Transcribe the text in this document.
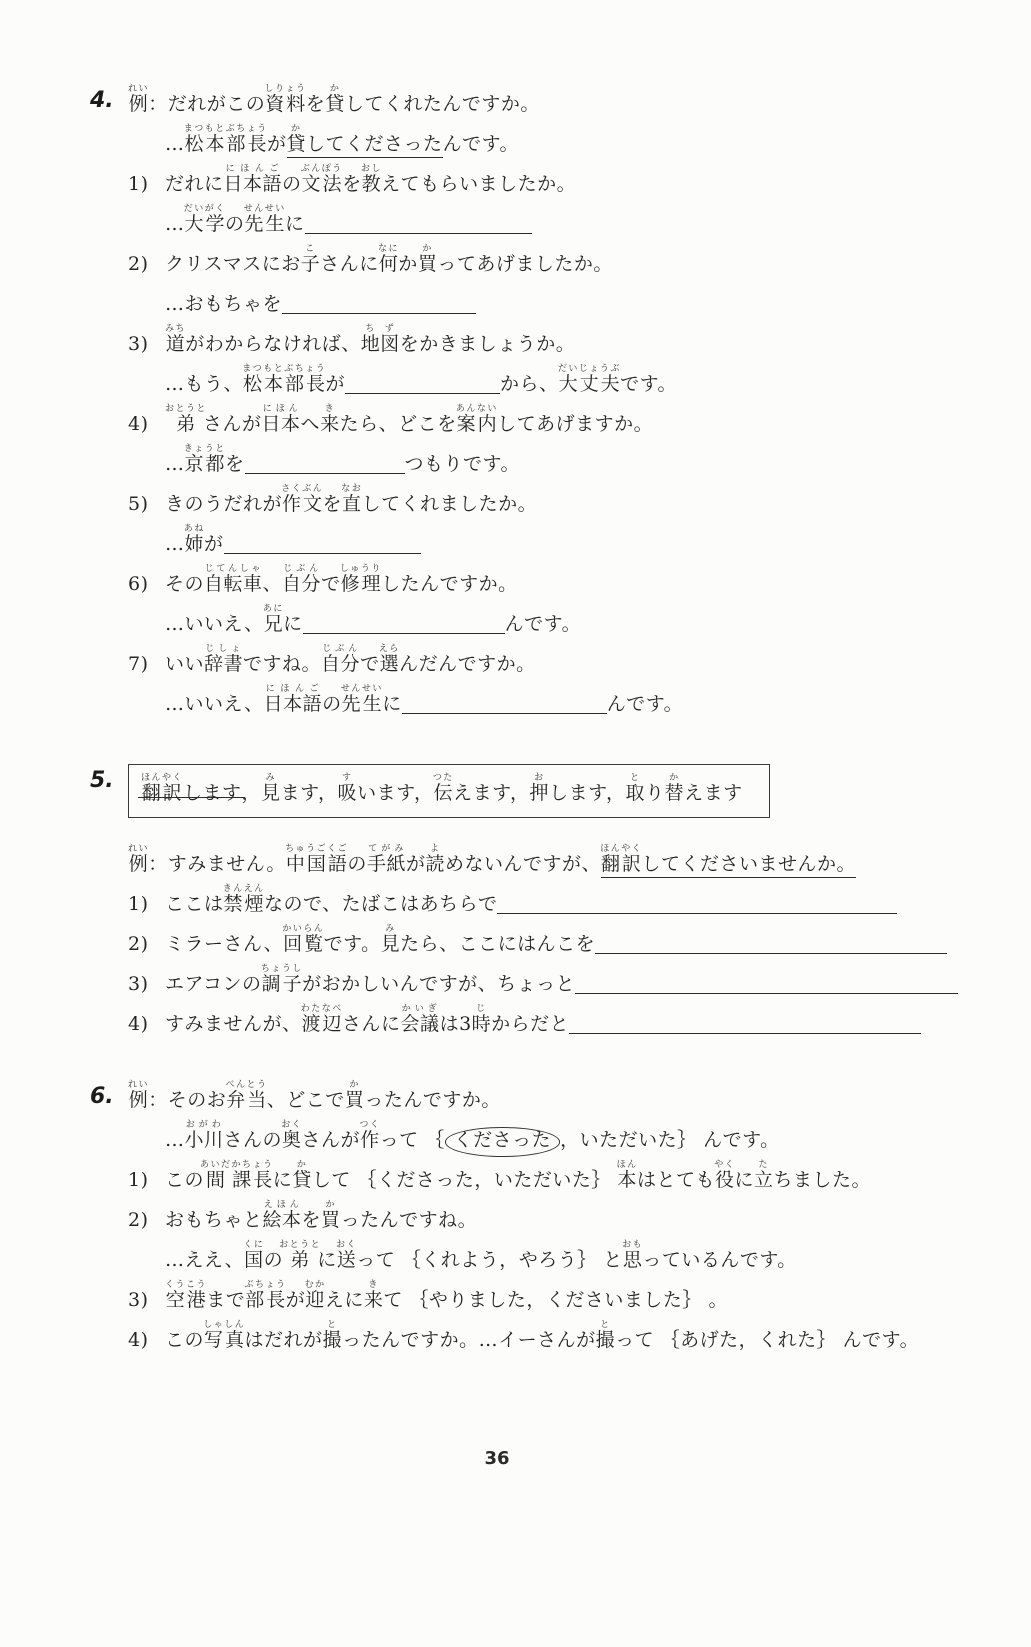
4. 例れい：だれがこの資料しりょうを貸かしてくれたんですか。
…松本部長まつもとぶちょうが貸かしてくださったんです。
1) だれに日本語にほんごの文法ぶんぽうを教おしえてもらいましたか。
…大学だいがくの先生せんせいに
2) クリスマスにお子こさんに何なにか買かってあげましたか。
…おもちゃを
3) 道みちがわからなければ、地図ちずをかきましょうか。
…もう、松本部長まつもとぶちょうが	から、大丈夫だいじょうぶです。
4) 弟おとうとさんが日本にほんへ来きたら、どこを案内あんないしてあげますか。
…京都きょうとを	つもりです。
5) きのうだれが作文さくぶんを直なおしてくれましたか。
…姉あねが
6) その自転車じてんしゃ、自分じぶんで修理しゅうりしたんですか。
…いいえ、兄あにに	んです。
7) いい辞書じしょですね。自分じぶんで選えらんだんですか。
…いいえ、日本語にほんごの先生せんせいに	んです。
5.	翻訳ほんやくします，見みます，吸すいます，伝つたえます，押おします，取とり替かえます
例れい：すみません。中国語ちゅうごくごの手紙てがみが読よめないんですが、翻訳ほんやくしてくださいませんか。
1) ここは禁煙きんえんなので、たばこはあちらで
2) ミラーさん、回覧かいらんです。見みたら、ここにはんこを
3) エアコンの調子ちょうしがおかしいんですが、ちょっと
4) すみませんが、渡辺わたなべさんに会議かいぎは3時じからだと
6. 例れい：そのお弁当べんとう、どこで買かったんですか。
…小川おがわさんの奥おくさんが作つくって ｛ くださった ，いただいた｝ んです。
1) この間あいだ課長かちょうに貸かして ｛くださった，いただいた｝ 本ほんはとても役やくに立たちました。
2) おもちゃと絵本えほんを買かったんですね。
…ええ、国くにの弟おとうとに送おくって ｛くれよう，やろう｝ と思おもっているんです。
3) 空港くうこうまで部長ぶちょうが迎むかえに来きて ｛やりました，くださいました｝ 。
4) この写真しゃしんはだれが撮とったんですか。…イーさんが撮とって ｛あげた，くれた｝ んです。
36
